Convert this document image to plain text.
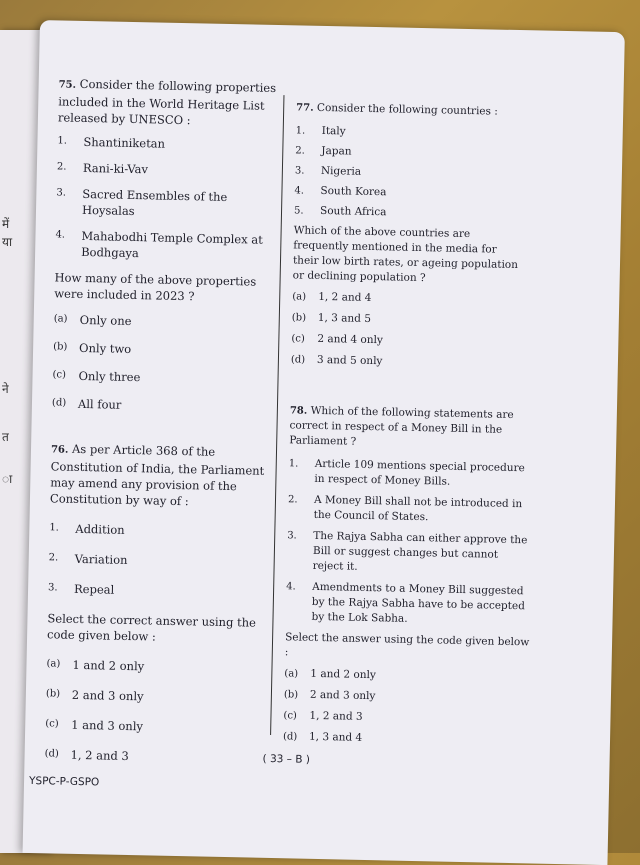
में
या
ने
त
ा
75. Consider the following properties included in the World Heritage List released by UNESCO :
1.	Shantiniketan
2.	Rani-ki-Vav
3.	Sacred Ensembles of the Hoysalas
4.	Mahabodhi Temple Complex at Bodhgaya
How many of the above properties were included in 2023 ?
(a)	Only one
(b)	Only two
(c)	Only three
(d)	All four
76. As per Article 368 of the Constitution of India, the Parliament may amend any provision of the Constitution by way of :
1.	Addition
2.	Variation
3.	Repeal
Select the correct answer using the code given below :
(a)	1 and 2 only
(b)	2 and 3 only
(c)	1 and 3 only
(d)	1, 2 and 3
77. Consider the following countries :
1.	Italy
2.	Japan
3.	Nigeria
4.	South Korea
5.	South Africa
Which of the above countries are frequently mentioned in the media for their low birth rates, or ageing population or declining population ?
(a)	1, 2 and 4
(b)	1, 3 and 5
(c)	2 and 4 only
(d)	3 and 5 only
78. Which of the following statements are correct in respect of a Money Bill in the Parliament ?
1.	Article 109 mentions special procedure in respect of Money Bills.
2.	A Money Bill shall not be introduced in the Council of States.
3.	The Rajya Sabha can either approve the Bill or suggest changes but cannot reject it.
4.	Amendments to a Money Bill suggested by the Rajya Sabha have to be accepted by the Lok Sabha.
Select the answer using the code given below :
(a)	1 and 2 only
(b)	2 and 3 only
(c)	1, 2 and 3
(d)	1, 3 and 4
( 33 – B )
YSPC-P-GSPO
